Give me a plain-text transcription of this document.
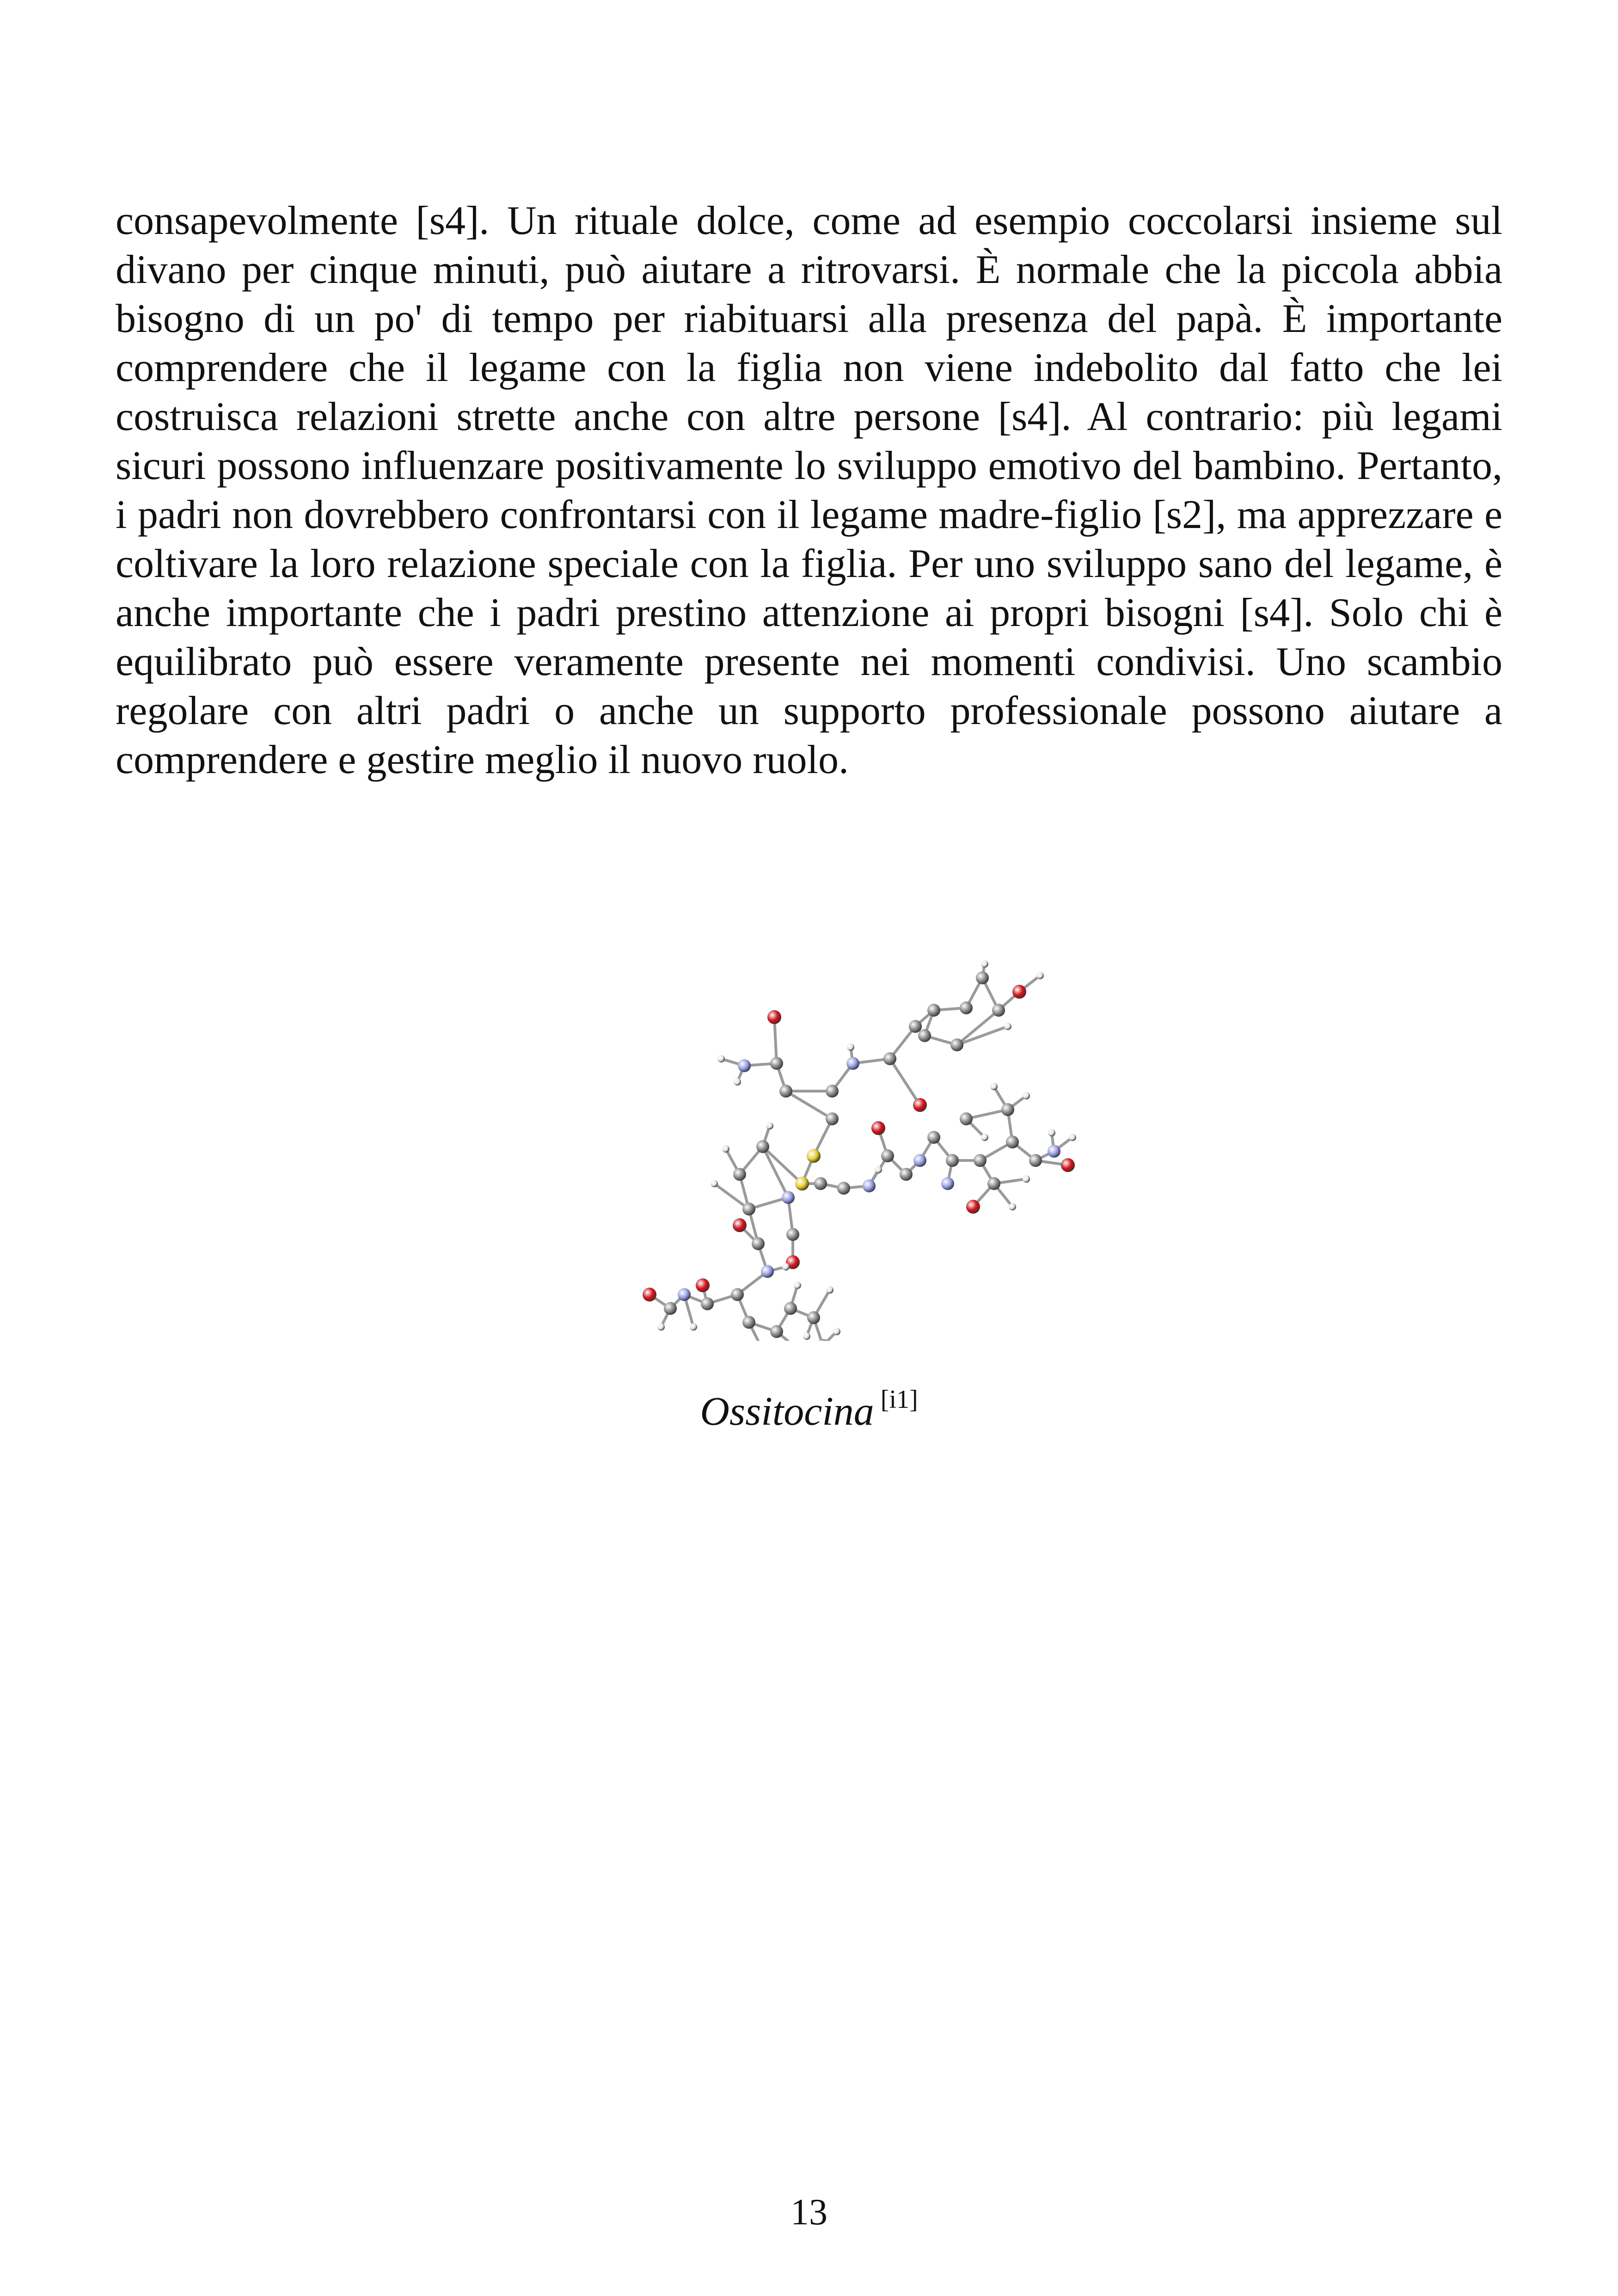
consapevolmente [s4]. Un rituale dolce, come ad esempio coccolarsi insieme sul divano per cinque minuti, può aiutare a ritrovarsi. È normale che la piccola abbia bisogno di un po' di tempo per riabituarsi alla presenza del papà. È importante comprendere che il legame con la figlia non viene indebolito dal fatto che lei costruisca relazioni strette anche con altre persone [s4]. Al contrario: più legami sicuri possono influenzare positivamente lo sviluppo emotivo del bambino. Pertanto, i padri non dovrebbero confrontarsi con il legame madre-figlio [s2], ma apprezzare e coltivare la loro relazione speciale con la figlia. Per uno sviluppo sano del legame, è anche importante che i padri prestino attenzione ai propri bisogni [s4]. Solo chi è equilibrato può essere veramente presente nei momenti condivisi. Uno scambio regolare con altri padri o anche un supporto professionale possono aiutare a comprendere e gestire meglio il nuovo ruolo.

Ossitocina [i1]
13
